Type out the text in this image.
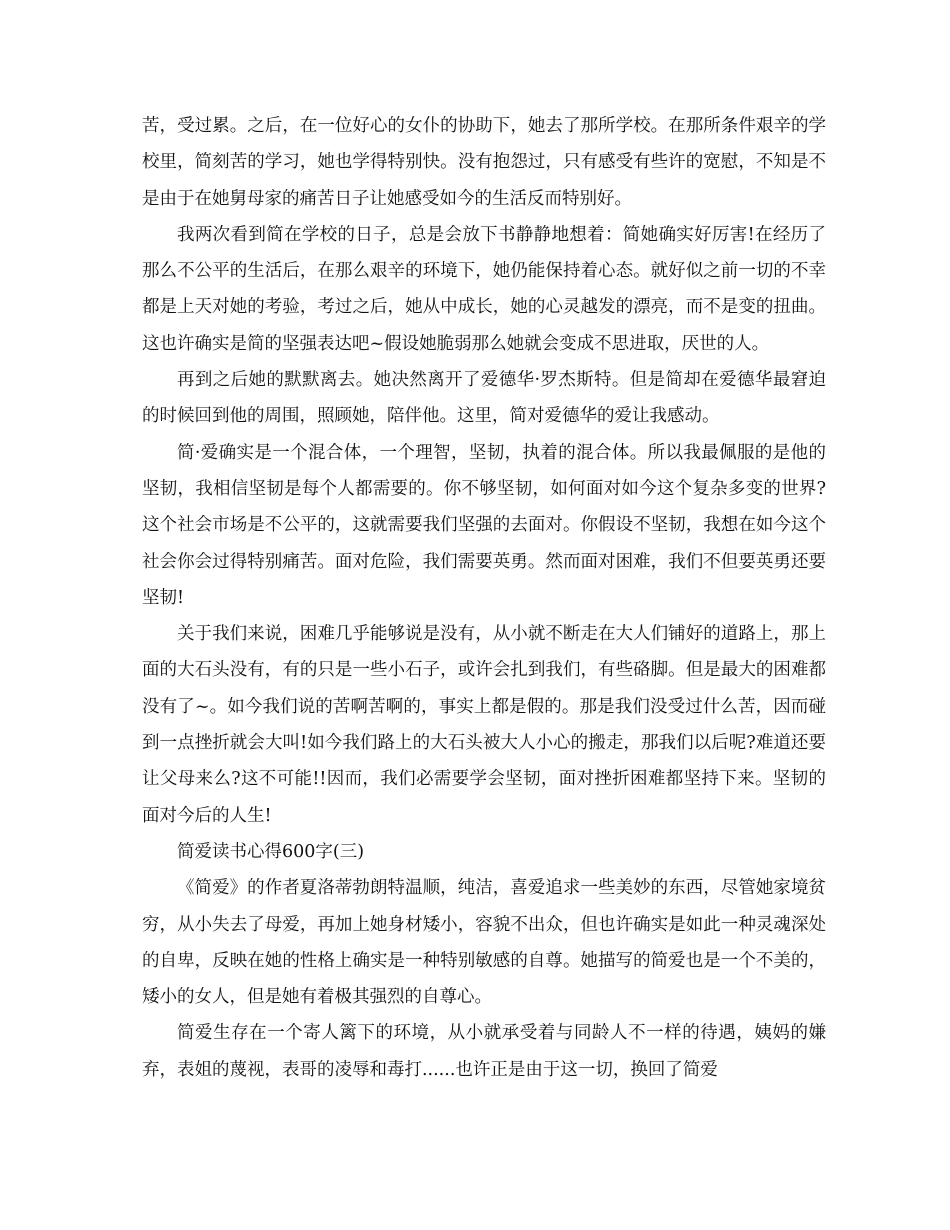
苦，受过累。之后，在一位好心的女仆的协助下，她去了那所学校。在那所条件艰辛的学校里，简刻苦的学习，她也学得特别快。没有抱怨过，只有感受有些许的宽慰，不知是不是由于在她舅母家的痛苦日子让她感受如今的生活反而特别好。

我两次看到简在学校的日子，总是会放下书静静地想着：简她确实好厉害!在经历了那么不公平的生活后，在那么艰辛的环境下，她仍能保持着心态。就好似之前一切的不幸都是上天对她的考验，考过之后，她从中成长，她的心灵越发的漂亮，而不是变的扭曲。这也许确实是简的坚强表达吧~假设她脆弱那么她就会变成不思进取，厌世的人。

再到之后她的默默离去。她决然离开了爱德华·罗杰斯特。但是简却在爱德华最窘迫的时候回到他的周围，照顾她，陪伴他。这里，简对爱德华的爱让我感动。

简·爱确实是一个混合体，一个理智，坚韧，执着的混合体。所以我最佩服的是他的坚韧，我相信坚韧是每个人都需要的。你不够坚韧，如何面对如今这个复杂多变的世界?这个社会市场是不公平的，这就需要我们坚强的去面对。你假设不坚韧，我想在如今这个社会你会过得特别痛苦。面对危险，我们需要英勇。然而面对困难，我们不但要英勇还要坚韧!

关于我们来说，困难几乎能够说是没有，从小就不断走在大人们铺好的道路上，那上面的大石头没有，有的只是一些小石子，或许会扎到我们，有些硌脚。但是最大的困难都没有了~。如今我们说的苦啊苦啊的，事实上都是假的。那是我们没受过什么苦，因而碰到一点挫折就会大叫!如今我们路上的大石头被大人小心的搬走，那我们以后呢?难道还要让父母来么?这不可能!!因而，我们必需要学会坚韧，面对挫折困难都坚持下来。坚韧的面对今后的人生!

简爱读书心得600字(三)

《简爱》的作者夏洛蒂勃朗特温顺，纯洁，喜爱追求一些美妙的东西，尽管她家境贫穷，从小失去了母爱，再加上她身材矮小，容貌不出众，但也许确实是如此一种灵魂深处的自卑，反映在她的性格上确实是一种特别敏感的自尊。她描写的简爱也是一个不美的，矮小的女人，但是她有着极其强烈的自尊心。

简爱生存在一个寄人篱下的环境，从小就承受着与同龄人不一样的待遇，姨妈的嫌弃，表姐的蔑视，表哥的凌辱和毒打......也许正是由于这一切，换回了简爱
